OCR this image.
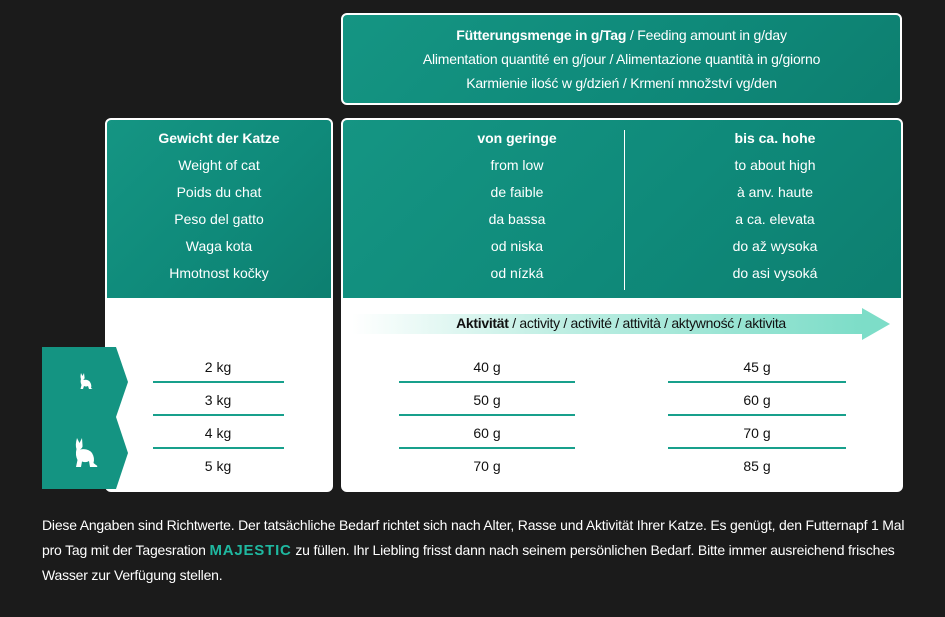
Fütterungsmenge in g/Tag / Feeding amount in g/day
Alimentation quantité en g/jour / Alimentazione quantità in g/giorno
Karmienie ilość w g/dzień / Krmení množství vg/den
Gewicht der Katze
Weight of cat
Poids du chat
Peso del gatto
Waga kota
Hmotnost kočky
von geringe
from low
de faible
da bassa
od niska
od nízká
bis ca. hohe
to about high
à anv. haute
a ca. elevata
do až wysoka
do asi vysoká
Aktivität / activity / activité / attività / aktywność / aktivita
2 kg	40 g	45 g
3 kg	50 g	60 g
4 kg	60 g	70 g
5 kg	70 g	85 g
Diese Angaben sind Richtwerte. Der tatsächliche Bedarf richtet sich nach Alter, Rasse und Aktivität Ihrer Katze. Es genügt, den Futternapf 1 Mal pro Tag mit der Tagesration MAJESTIC zu füllen. Ihr Liebling frisst dann nach seinem persönlichen Bedarf. Bitte immer ausreichend frisches Wasser zur Verfügung stellen.
